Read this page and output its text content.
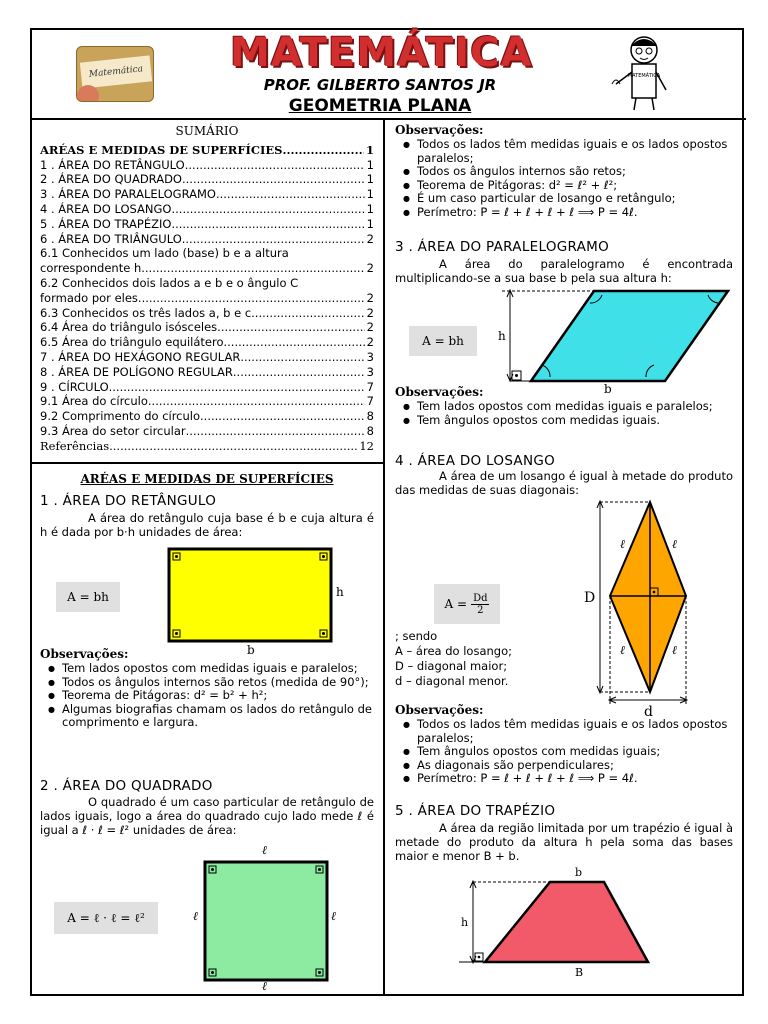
Matemática MATEMÁTICA
PROF. GILBERTO SANTOS JR
GEOMETRIA PLANA
MATEMÁTICA
SUMÁRIO
ARÉAS E MEDIDAS DE SUPERFÍCIES .....	1
1 . ÁREA DO RETÂNGULO .....	1
2 . ÁREA DO QUADRADO .....	1
3 . ÁREA DO PARALELOGRAMO .....	1
4 . ÁREA DO LOSANGO .....	1
5 . ÁREA DO TRAPÉZIO .....	1
6 . ÁREA DO TRIÂNGULO .....	2
6.1 Conhecidos um lado (base) b e a altura
correspondente h .....	2
6.2 Conhecidos dois lados a e b e o ângulo C
formado por eles .....	2
6.3 Conhecidos os três lados a, b e c .....	2
6.4 Área do triângulo isósceles .....	2
6.5 Área do triângulo equilátero .....	2
7 . ÁREA DO HEXÁGONO REGULAR .....	3
8 . ÁREA DE POLÍGONO REGULAR .....	3
9 . CÍRCULO .....	7
9.1 Área do círculo .....	7
9.2 Comprimento do círculo .....	8
9.3 Área do setor circular .....	8
Referências .....	12
ARÉAS E MEDIDAS DE SUPERFÍCIES
1 . ÁREA DO RETÂNGULO
A área do retângulo cuja base é b e cuja altura é h é dada por b·h unidades de área:
A = bh	h
b
Observações:
● Tem lados opostos com medidas iguais e paralelos;
● Todos os ângulos internos são retos (medida de 90°);
● Teorema de Pitágoras: d² = b² + h²;
● Algumas biografias chamam os lados do retângulo de comprimento e largura.
2 . ÁREA DO QUADRADO
O quadrado é um caso particular de retângulo de lados iguais, logo a área do quadrado cujo lado mede ℓ é igual a ℓ · ℓ = ℓ² unidades de área:
A = ℓ · ℓ = ℓ²
ℓ
ℓ	ℓ
ℓ
Observações:
● Todos os lados têm medidas iguais e os lados opostos paralelos;
● Todos os ângulos internos são retos;
● Teorema de Pitágoras: d² = ℓ² + ℓ²;
● É um caso particular de losango e retângulo;
● Perímetro: P = ℓ + ℓ + ℓ + ℓ ⟹ P = 4ℓ.
3 . ÁREA DO PARALELOGRAMO
A área do paralelogramo é encontrada multiplicando-se a sua base b pela sua altura h:
A = bh	h
b
Observações:
● Tem lados opostos com medidas iguais e paralelos;
● Tem ângulos opostos com medidas iguais.
4 . ÁREA DO LOSANGO
A área de um losango é igual à metade do produto das medidas de suas diagonais:
$A = \frac{Dd}{2}$
; sendo
A – área do losango;
D – diagonal maior;
d – diagonal menor.
D
ℓ	ℓ
ℓ	ℓ
d
Observações:
● Todos os lados têm medidas iguais e os lados opostos paralelos;
● Tem ângulos opostos com medidas iguais;
● As diagonais são perpendiculares;
● Perímetro: P = ℓ + ℓ + ℓ + ℓ ⟹ P = 4ℓ.
5 . ÁREA DO TRAPÉZIO
A área da região limitada por um trapézio é igual à metade do produto da altura h pela soma das bases maior e menor B + b.
b
h
B
